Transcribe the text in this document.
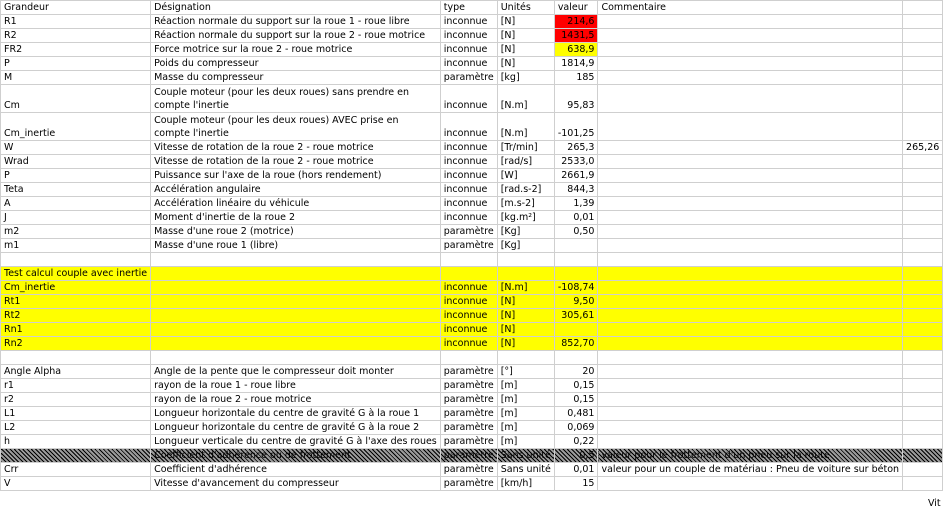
Grandeur	Désignation	type	Unités	valeur	Commentaire	
R1	Réaction normale du support sur la roue 1 - roue libre	inconnue	[N]	214,6		
R2	Réaction normale du support sur la roue 2 - roue motrice	inconnue	[N]	1431,5		
FR2	Force motrice sur la roue 2 - roue motrice	inconnue	[N]	638,9		
P	Poids du compresseur	inconnue	[N]	1814,9		
M	Masse du compresseur	paramètre	[kg]	185		
Cm	Couple moteur (pour les deux roues) sans prendre en compte l'inertie	inconnue	[N.m]	95,83		
Cm_inertie	Couple moteur (pour les deux roues) AVEC prise en compte l'inertie	inconnue	[N.m]	-101,25		
W	Vitesse de rotation de la roue 2 - roue motrice	inconnue	[Tr/min]	265,3		265,26
Wrad	Vitesse de rotation de la roue 2 - roue motrice	inconnue	[rad/s]	2533,0		
P	Puissance sur l'axe de la roue (hors rendement)	inconnue	[W]	2661,9		
Teta	Accélération angulaire	inconnue	[rad.s-2]	844,3		
A	Accélération linéaire du véhicule	inconnue	[m.s-2]	1,39		
J	Moment d'inertie de la roue 2	inconnue	[kg.m²]	0,01		
m2	Masse d'une roue 2 (motrice)	paramètre	[Kg]	0,50		
m1	Masse d'une roue 1 (libre)	paramètre	[Kg]			

Test calcul couple avec inertie						
Cm_inertie		inconnue	[N.m]	-108,74		
Rt1		inconnue	[N]	9,50		
Rt2		inconnue	[N]	305,61		
Rn1		inconnue	[N]			
Rn2		inconnue	[N]	852,70		

Angle Alpha	Angle de la pente que le compresseur doit monter	paramètre	[°]	20		
r1	rayon de la roue 1 - roue libre	paramètre	[m]	0,15		
r2	rayon de la roue 2 - roue motrice	paramètre	[m]	0,15		
L1	Longueur horizontale du centre de gravité G à la roue 1	paramètre	[m]	0,481		
L2	Longueur horizontale du centre de gravité G à la roue 2	paramètre	[m]	0,069		
h	Longueur verticale du centre de gravité G à l'axe des roues	paramètre	[m]	0,22		
	Coefficient d'adhérence ou de frottement	paramètre	Sans unité	0,5	valeur pour le frottement d'un pneu sur la route	
Crr	Coefficient d'adhérence	paramètre	Sans unité	0,01	valeur pour un couple de matériau : Pneu de voiture sur béton	
V	Vitesse d'avancement du compresseur	paramètre	[km/h]	15		
Vit
